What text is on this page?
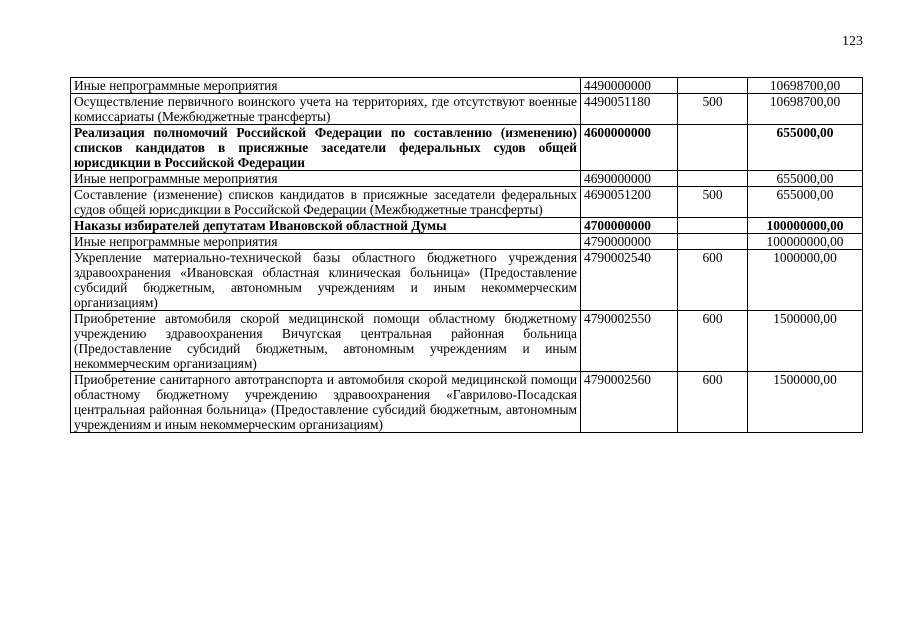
123
Иные непрограммные мероприятия	4490000000		10698700,00
Осуществление первичного воинского учета на территориях, где отсутствуют военные комиссариаты (Межбюджетные трансферты)	4490051180	500	10698700,00
Реализация полномочий Российской Федерации по составлению (изменению) списков кандидатов в присяжные заседатели федеральных судов общей юрисдикции в Российской Федерации	4600000000		655000,00
Иные непрограммные мероприятия	4690000000		655000,00
Составление (изменение) списков кандидатов в присяжные заседатели федеральных судов общей юрисдикции в Российской Федерации (Межбюджетные трансферты)	4690051200	500	655000,00
Наказы избирателей депутатам Ивановской областной Думы	4700000000		100000000,00
Иные непрограммные мероприятия	4790000000		100000000,00
Укрепление материально-технической базы областного бюджетного учреждения здравоохранения «Ивановская областная клиническая больница» (Предоставление субсидий бюджетным, автономным учреждениям и иным некоммерческим организациям)	4790002540	600	1000000,00
Приобретение автомобиля скорой медицинской помощи областному бюджетному учреждению здравоохранения Вичугская центральная районная больница (Предоставление субсидий бюджетным, автономным учреждениям и иным некоммерческим организациям)	4790002550	600	1500000,00
Приобретение санитарного автотранспорта и автомобиля скорой медицинской помощи областному бюджетному учреждению здравоохранения «Гаврилово-Посадская центральная районная больница» (Предоставление субсидий бюджетным, автономным учреждениям и иным некоммерческим организациям)	4790002560	600	1500000,00
